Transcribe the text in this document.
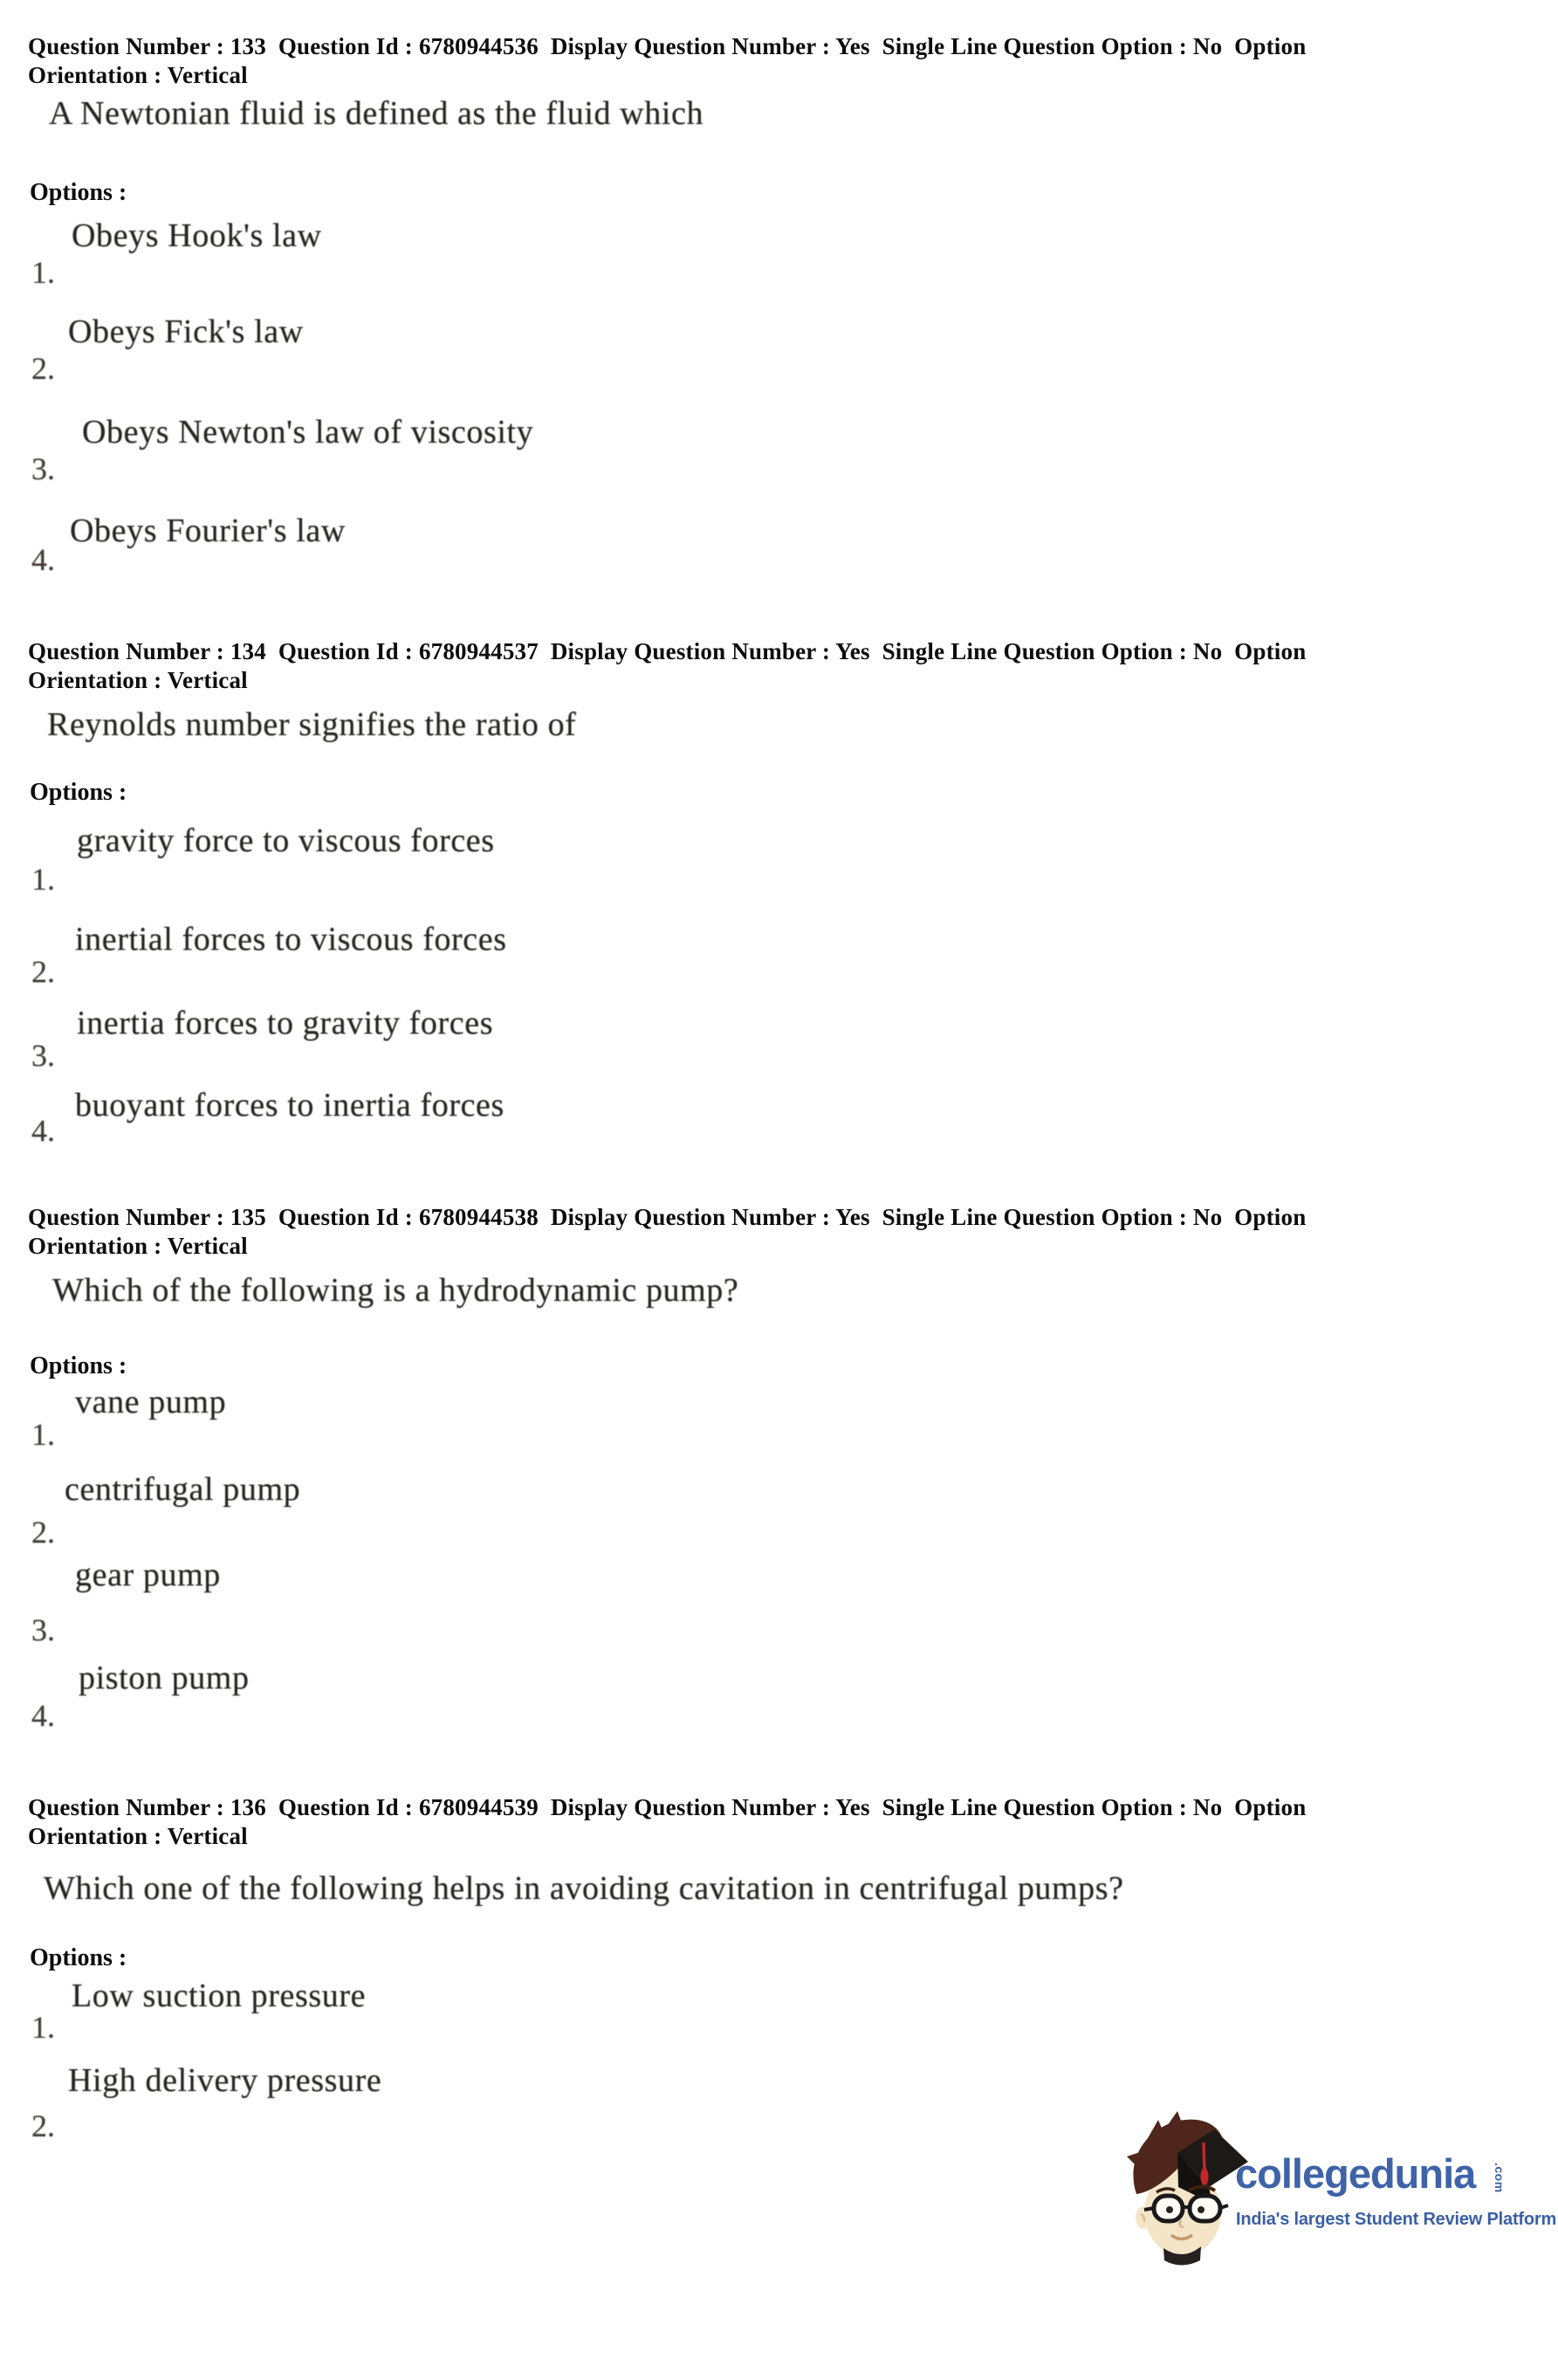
Question Number : 133  Question Id : 6780944536  Display Question Number : Yes  Single Line Question Option : No  Option
Orientation : Vertical
A Newtonian fluid is defined as the fluid which
Options :
Obeys Hook's law
1.
Obeys Fick's law
2.
Obeys Newton's law of viscosity
3.
Obeys Fourier's law
4.
Question Number : 134  Question Id : 6780944537  Display Question Number : Yes  Single Line Question Option : No  Option
Orientation : Vertical
Reynolds number signifies the ratio of
Options :
gravity force to viscous forces
1.
inertial forces to viscous forces
2.
inertia forces to gravity forces
3.
buoyant forces to inertia forces
4.
Question Number : 135  Question Id : 6780944538  Display Question Number : Yes  Single Line Question Option : No  Option
Orientation : Vertical
Which of the following is a hydrodynamic pump?
Options :
vane pump
1.
centrifugal pump
2.
gear pump
3.
piston pump
4.
Question Number : 136  Question Id : 6780944539  Display Question Number : Yes  Single Line Question Option : No  Option
Orientation : Vertical
Which one of the following helps in avoiding cavitation in centrifugal pumps?
Options :
Low suction pressure
1.
High delivery pressure
2.
collegedunia .com
India's largest Student Review Platform
